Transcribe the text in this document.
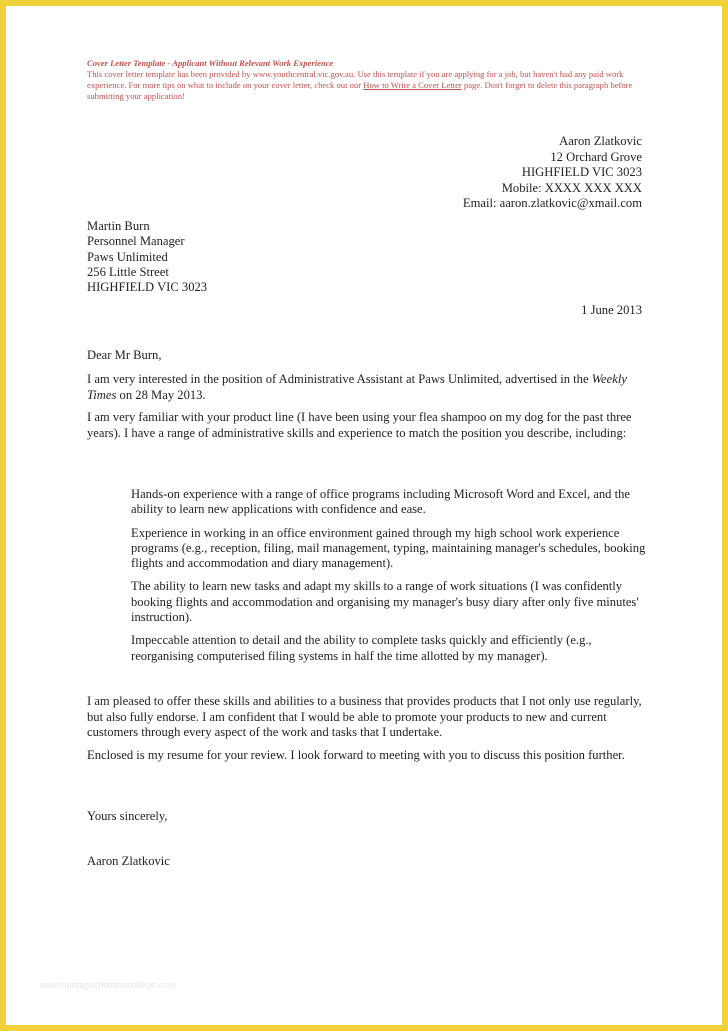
Cover Letter Template - Applicant Without Relevant Work Experience
This cover letter template has been provided by www.youthcentral.vic.gov.au. Use this template if you are applying for a job, but haven't had any paid work experience. For more tips on what to include on your cover letter, check out our How to Write a Cover Letter page. Don't forget to delete this paragraph before submitting your application!
Aaron Zlatkovic
12 Orchard Grove
HIGHFIELD VIC 3023
Mobile: XXXX XXX XXX
Email: aaron.zlatkovic@xmail.com
Martin Burn
Personnel Manager
Paws Unlimited
256 Little Street
HIGHFIELD VIC 3023
1 June 2013

Dear Mr Burn,

I am very interested in the position of Administrative Assistant at Paws Unlimited, advertised in the Weekly Times on 28 May 2013.

I am very familiar with your product line (I have been using your flea shampoo on my dog for the past three years). I have a range of administrative skills and experience to match the position you describe, including:

Hands-on experience with a range of office programs including Microsoft Word and Excel, and the ability to learn new applications with confidence and ease.
Experience in working in an office environment gained through my high school work experience programs (e.g., reception, filing, mail management, typing, maintaining manager's schedules, booking flights and accommodation and diary management).
The ability to learn new tasks and adapt my skills to a range of work situations (I was confidently booking flights and accommodation and organising my manager's busy diary after only five minutes' instruction).
Impeccable attention to detail and the ability to complete tasks quickly and efficiently (e.g., reorganising computerised filing systems in half the time allotted by my manager).

I am pleased to offer these skills and abilities to a business that provides products that I not only use regularly, but also fully endorse. I am confident that I would be able to promote your products to new and current customers through every aspect of the work and tasks that I undertake.

Enclosed is my resume for your review. I look forward to meeting with you to discuss this position further.

Yours sincerely,

Aaron Zlatkovic

www.heritagechristiancollege.com
